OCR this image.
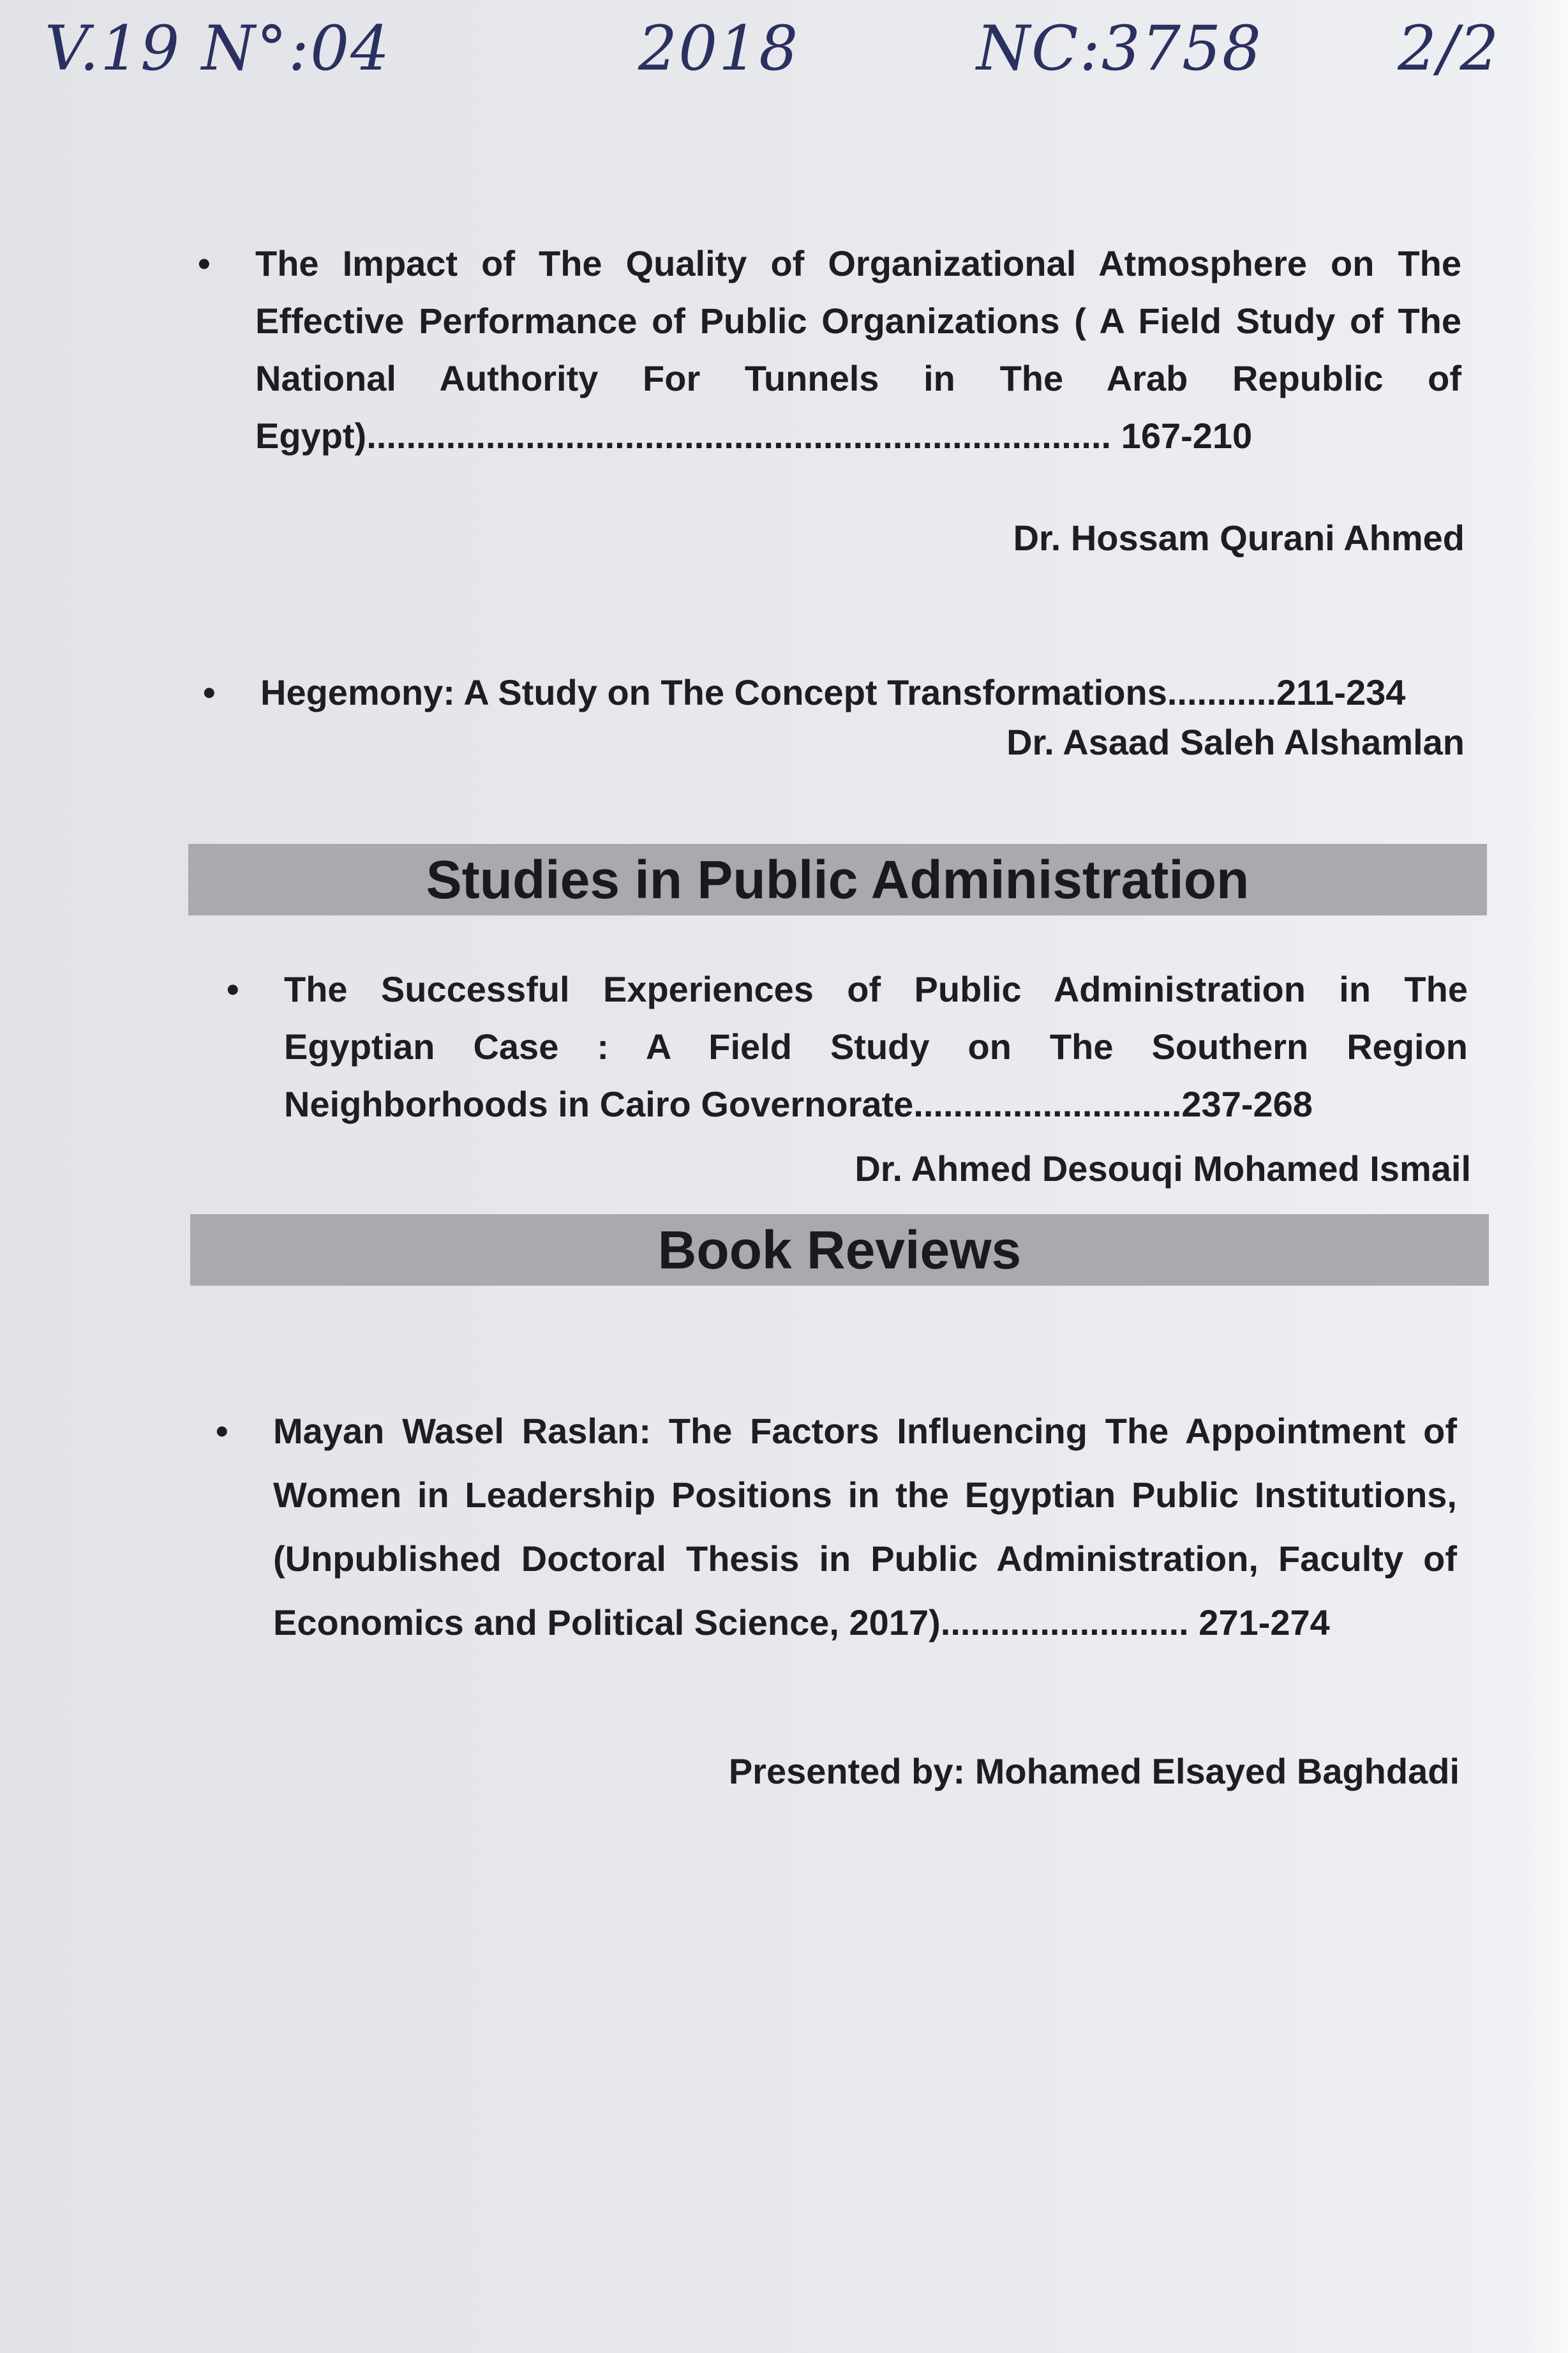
V.19 N°:04	2018	NC:3758 2/2
• The Impact of The Quality of Organizational Atmosphere on The
Effective Performance of Public Organizations ( A Field Study of The
National Authority For Tunnels in The Arab Republic of
Egypt)........................................................................... 167-210
Dr. Hossam Qurani Ahmed
• Hegemony: A Study on The Concept Transformations...........211-234
Dr. Asaad Saleh Alshamlan
Studies in Public Administration
• The Successful Experiences of Public Administration in The
Egyptian Case : A Field Study on The Southern Region
Neighborhoods in Cairo Governorate...........................237-268
Dr. Ahmed Desouqi Mohamed Ismail
Book Reviews
• Mayan Wasel Raslan: The Factors Influencing The Appointment of
Women in Leadership Positions in the Egyptian Public Institutions,
(Unpublished Doctoral Thesis in Public Administration, Faculty of
Economics and Political Science, 2017)......................... 271-274
Presented by: Mohamed Elsayed Baghdadi
